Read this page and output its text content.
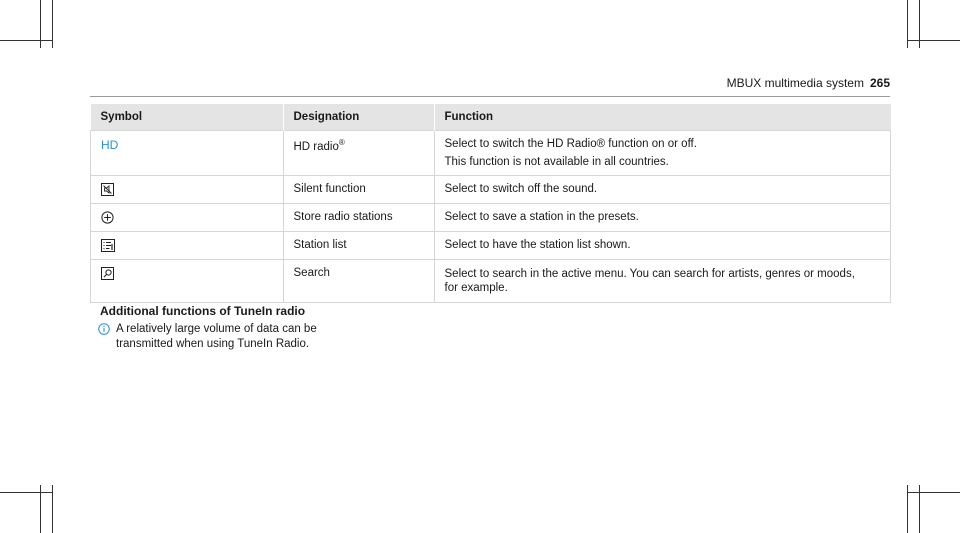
MBUX multimedia system 265
Symbol	Designation	Function
HD	HD radio®	Select to switch the HD Radio® function on or off.

This function is not available in all countries.

	Silent function	Select to switch off the sound.
	Store radio stations	Select to save a station in the presets.
	Station list	Select to have the station list shown.
	Search	Select to search in the active menu. You can search for artists, genres or moods,
for example.

Additional functions of TuneIn radio
A relatively large volume of data can be transmitted when using TuneIn Radio.
